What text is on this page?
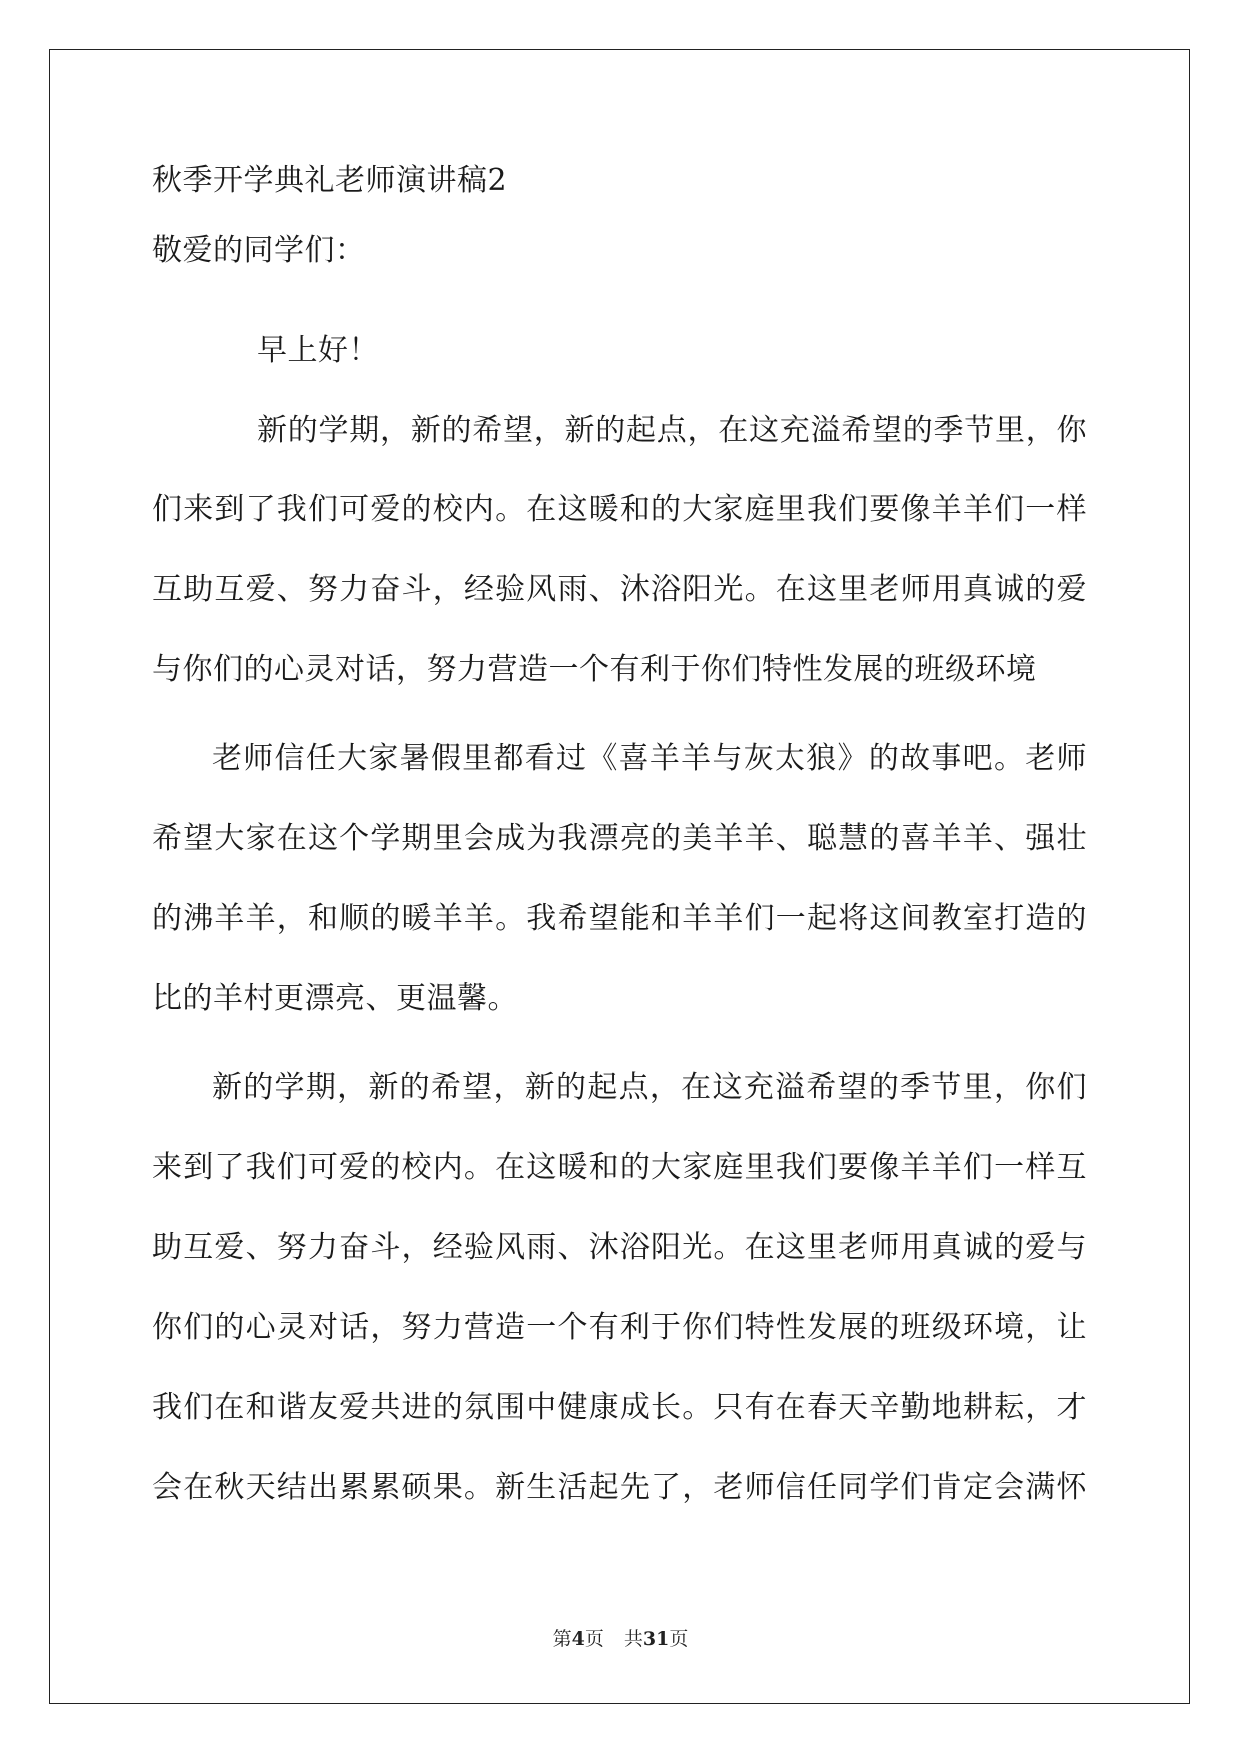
秋季开学典礼老师演讲稿2
敬爱的同学们：
早上好！
新的学期，新的希望，新的起点，在这充溢希望的季节里，你
们来到了我们可爱的校内。在这暖和的大家庭里我们要像羊羊们一样
互助互爱、努力奋斗，经验风雨、沐浴阳光。在这里老师用真诚的爱
与你们的心灵对话，努力营造一个有利于你们特性发展的班级环境
老师信任大家暑假里都看过《喜羊羊与灰太狼》的故事吧。老师
希望大家在这个学期里会成为我漂亮的美羊羊、聪慧的喜羊羊、强壮
的沸羊羊，和顺的暖羊羊。我希望能和羊羊们一起将这间教室打造的
比的羊村更漂亮、更温馨。
新的学期，新的希望，新的起点，在这充溢希望的季节里，你们
来到了我们可爱的校内。在这暖和的大家庭里我们要像羊羊们一样互
助互爱、努力奋斗，经验风雨、沐浴阳光。在这里老师用真诚的爱与
你们的心灵对话，努力营造一个有利于你们特性发展的班级环境，让
我们在和谐友爱共进的氛围中健康成长。只有在春天辛勤地耕耘，才
会在秋天结出累累硕果。新生活起先了，老师信任同学们肯定会满怀
第4页 共31页
